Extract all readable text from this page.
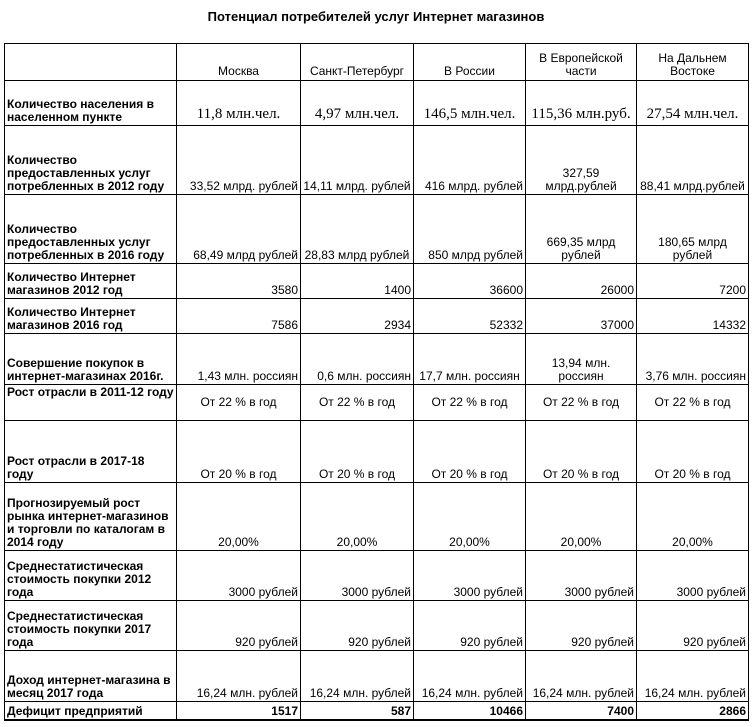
Потенциал потребителей услуг Интернет магазинов
	Москва	Санкт-Петербург	В России	В Европейской части	На Дальнем Востоке
Количество населения в населенном пункте	11,8 млн.чел.	4,97 млн.чел.	146,5 млн.чел.	115,36 млн.руб.	27,54 млн.чел.
Количество предоставленных услуг потребленных в 2012 году	33,52 млрд. рублей	14,11 млрд. рублей	416 млрд. рублей	327,59 млрд.рублей	88,41 млрд.рублей
Количество предоставленных услуг потребленных в 2016 году	68,49 млрд рублей	28,83 млрд рублей	850 млрд рублей	669,35 млрд рублей	180,65 млрд рублей
Количество Интернет магазинов 2012 год	3580	1400	36600	26000	7200
Количество Интернет магазинов 2016 год	7586	2934	52332	37000	14332
Совершение покупок в интернет-магазинах 2016г.	1,43 млн. россиян	0,6 млн. россиян	17,7 млн. россиян	13,94 млн. россиян	3,76 млн. россиян
Рост отрасли в 2011-12 году	От 22 % в год	От 22 % в год	От 22 % в год	От 22 % в год	От 22 % в год
Рост отрасли в 2017-18 году	От 20 % в год	От 20 % в год	От 20 % в год	От 20 % в год	От 20 % в год
Прогнозируемый рост рынка интернет-магазинов и торговли по каталогам в 2014 году	20,00%	20,00%	20,00%	20,00%	20,00%
Среднестатистическая стоимость покупки 2012 года	3000 рублей	3000 рублей	3000 рублей	3000 рублей	3000 рублей
Среднестатистическая стоимость покупки 2017 года	920 рублей	920 рублей	920 рублей	920 рублей	920 рублей
Доход интернет-магазина в месяц 2017 года	16,24 млн. рублей	16,24 млн. рублей	16,24 млн. рублей	16,24 млн. рублей	16,24 млн. рублей
Дефицит предприятий	1517	587	10466	7400	2866
